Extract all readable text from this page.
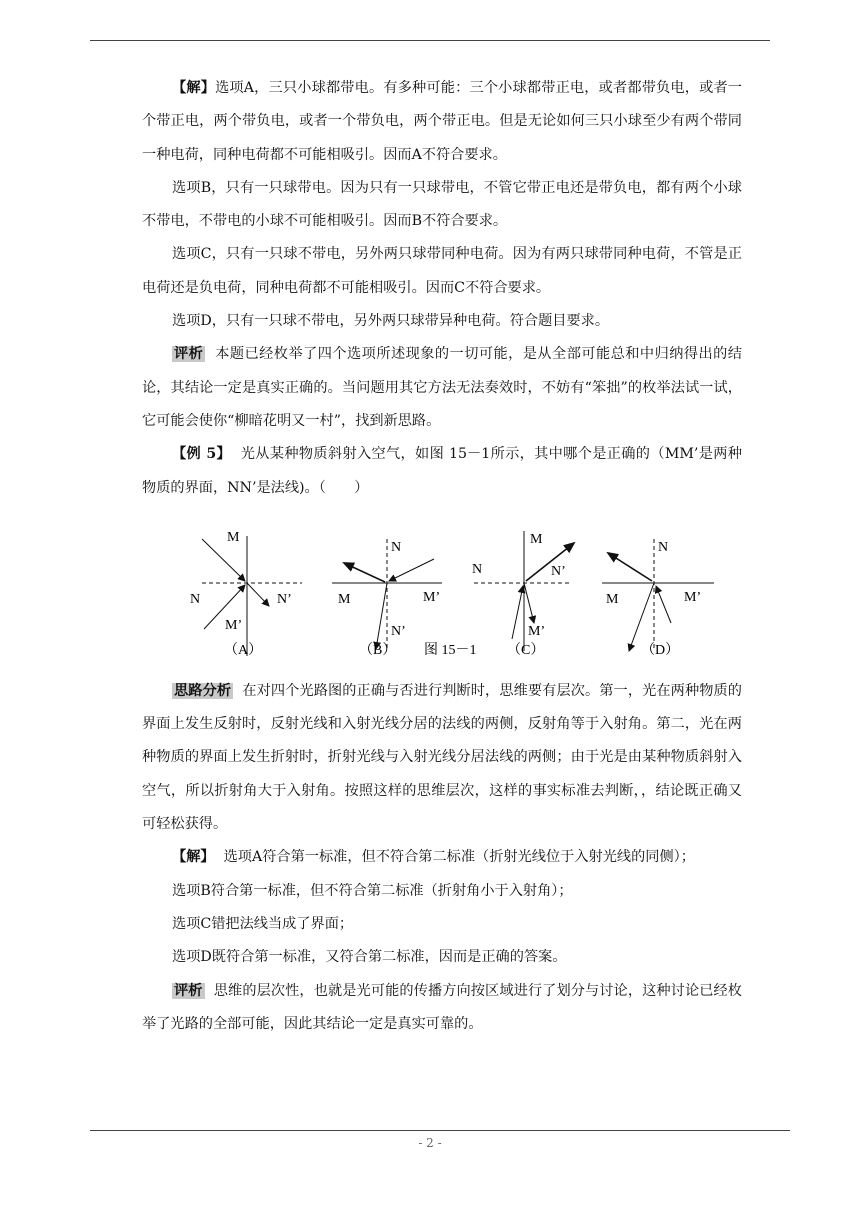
【解】选项A，三只小球都带电。有多种可能：三个小球都带正电，或者都带负电，或者一个带正电，两个带负电，或者一个带负电，两个带正电。但是无论如何三只小球至少有两个带同一种电荷，同种电荷都不可能相吸引。因而A不符合要求。

选项B，只有一只球带电。因为只有一只球带电，不管它带正电还是带负电，都有两个小球不带电，不带电的小球不可能相吸引。因而B不符合要求。

选项C，只有一只球不带电，另外两只球带同种电荷。因为有两只球带同种电荷，不管是正电荷还是负电荷，同种电荷都不可能相吸引。因而C不符合要求。

选项D，只有一只球不带电，另外两只球带异种电荷。符合题目要求。

评析 本题已经枚举了四个选项所述现象的一切可能，是从全部可能总和中归纳得出的结论，其结论一定是真实正确的。当问题用其它方法无法奏效时，不妨有“笨拙”的枚举法试一试，它可能会使你“柳暗花明又一村”，找到新思路。

【例 5】 光从某种物质斜射入空气，如图 15－1所示，其中哪个是正确的（MM’是两种物质的界面，NN’是法线)。（　　）

M
N	N’
M’
（A）
N
M	M’
N’
（B） 图 15－1
M
N	N’
M’
（C）
N
M	M’
（D）

思路分析 在对四个光路图的正确与否进行判断时，思维要有层次。第一，光在两种物质的界面上发生反射时，反射光线和入射光线分居的法线的两侧，反射角等于入射角。第二，光在两种物质的界面上发生折射时，折射光线与入射光线分居法线的两侧；由于光是由某种物质斜射入空气，所以折射角大于入射角。按照这样的思维层次，这样的事实标准去判断，，结论既正确又可轻松获得。

【解】 选项A符合第一标准，但不符合第二标准（折射光线位于入射光线的同侧）；

选项B符合第一标准，但不符合第二标准（折射角小于入射角）；

选项C错把法线当成了界面；

选项D既符合第一标准，又符合第二标准，因而是正确的答案。

评析 思维的层次性，也就是光可能的传播方向按区域进行了划分与讨论，这种讨论已经枚举了光路的全部可能，因此其结论一定是真实可靠的。

- 2 -
